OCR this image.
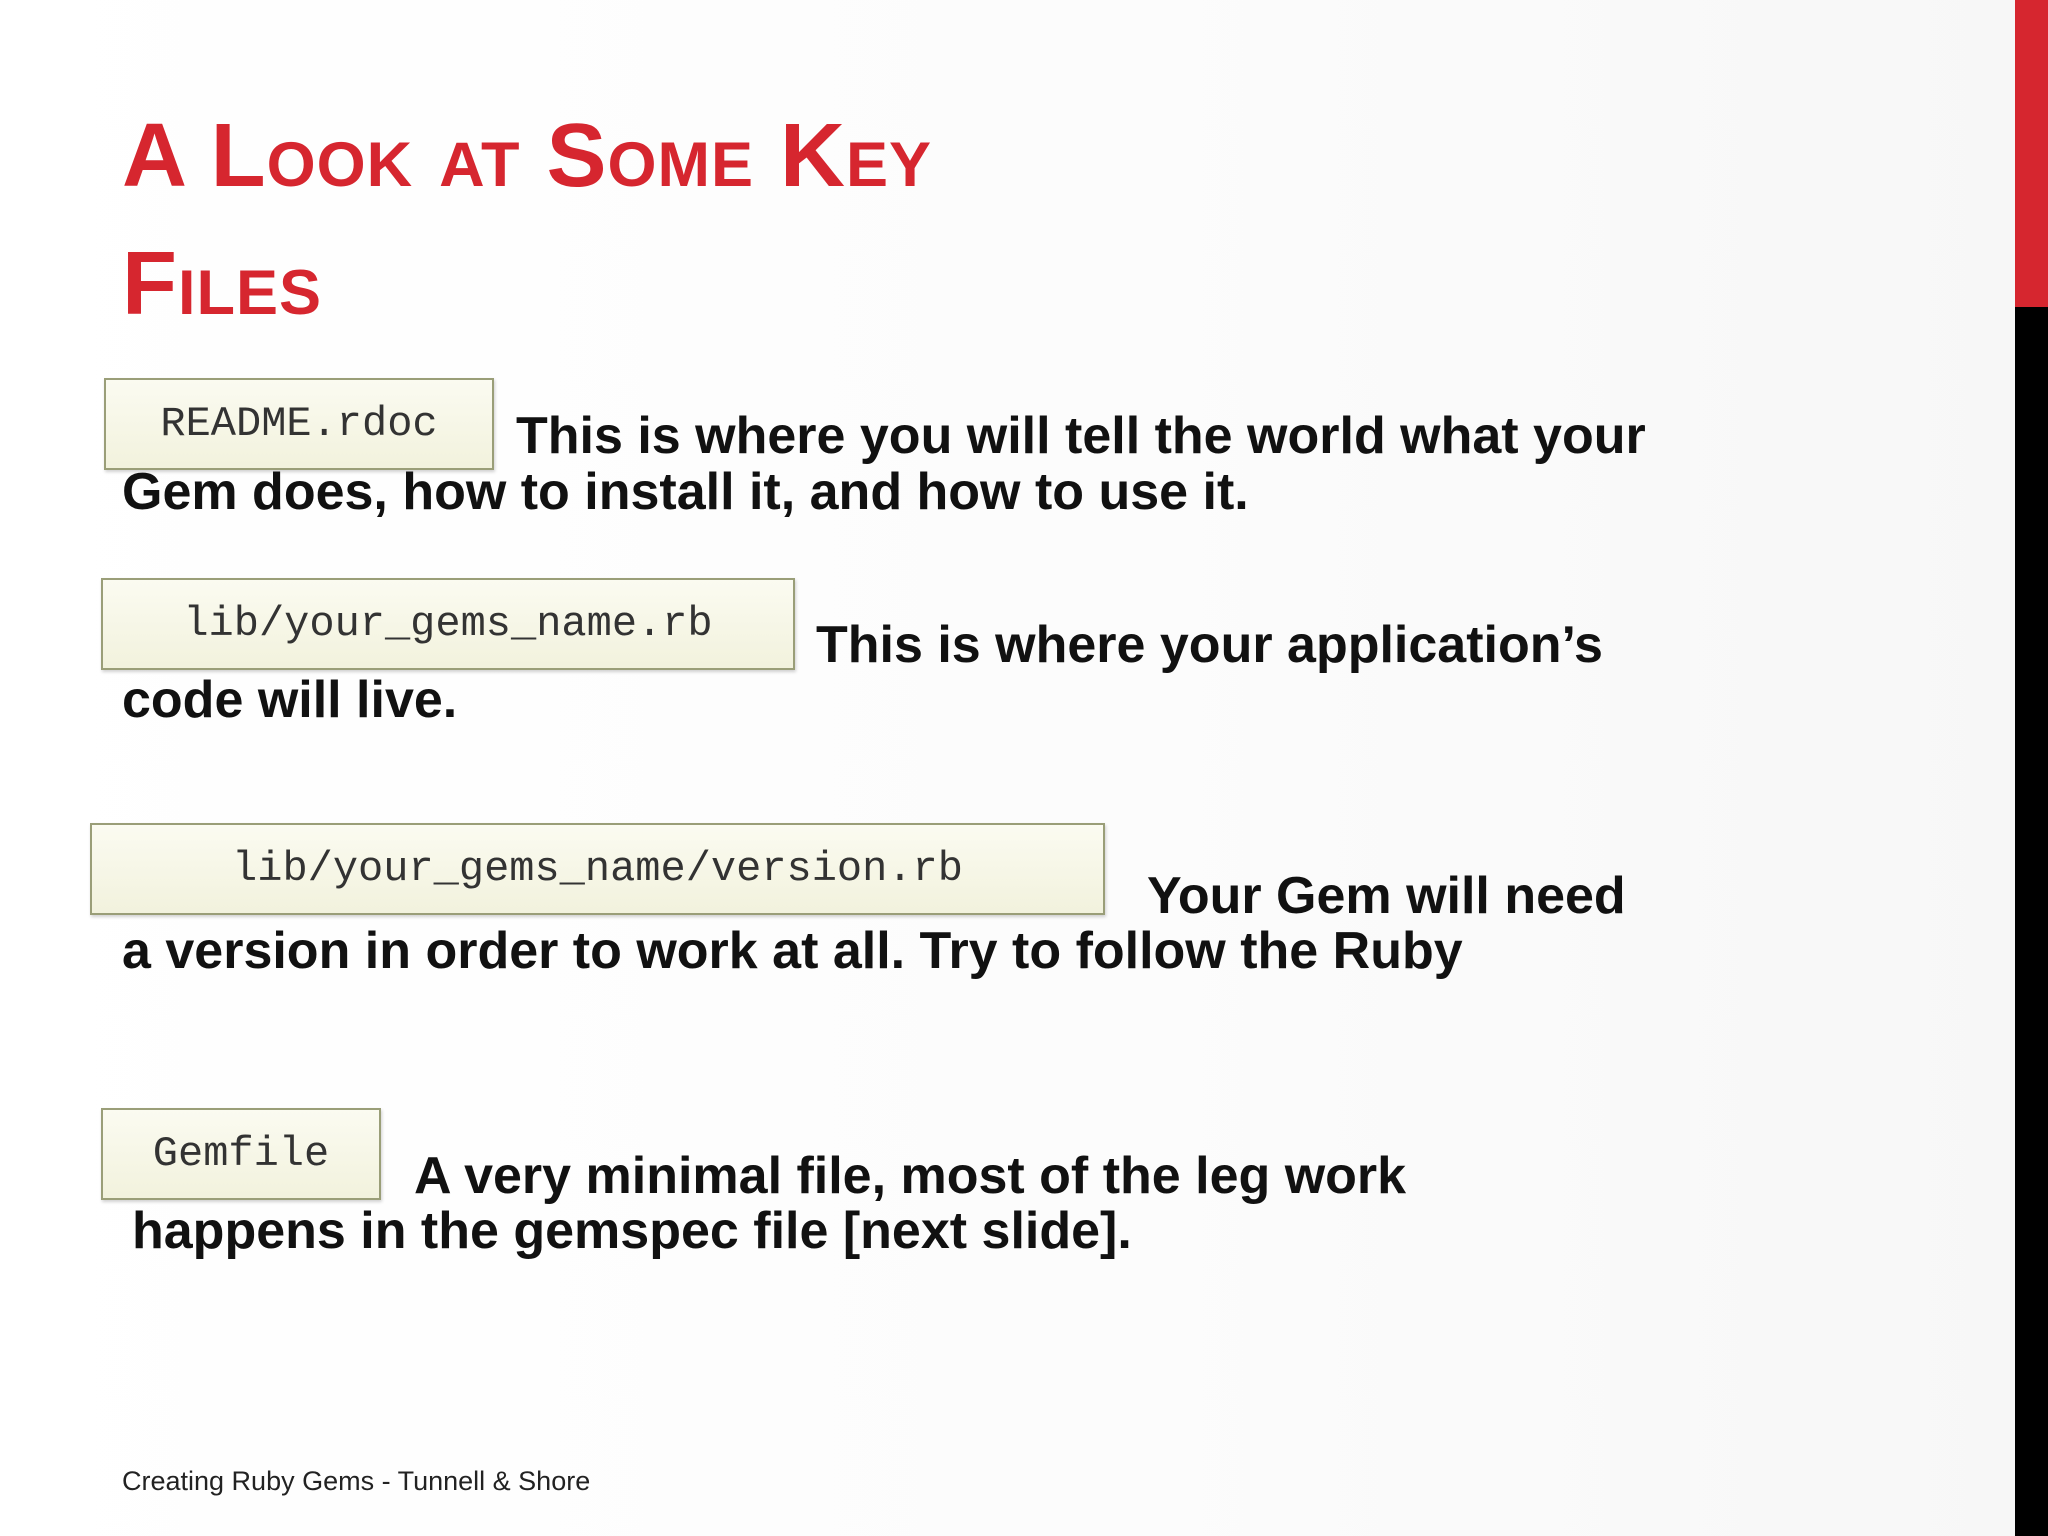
A Look at Some Key
Files
README.rdoc	This is where you will tell the world what your

Gem does, how to install it, and how to use it.

lib/your_gems_name.rb	This is where your application’s

code will live.

lib/your_gems_name/version.rb	Your Gem will need

a version in order to work at all. Try to follow the Ruby

Gemfile	A very minimal file, most of the leg work

happens in the gemspec file [next slide].

Creating Ruby Gems - Tunnell & Shore
